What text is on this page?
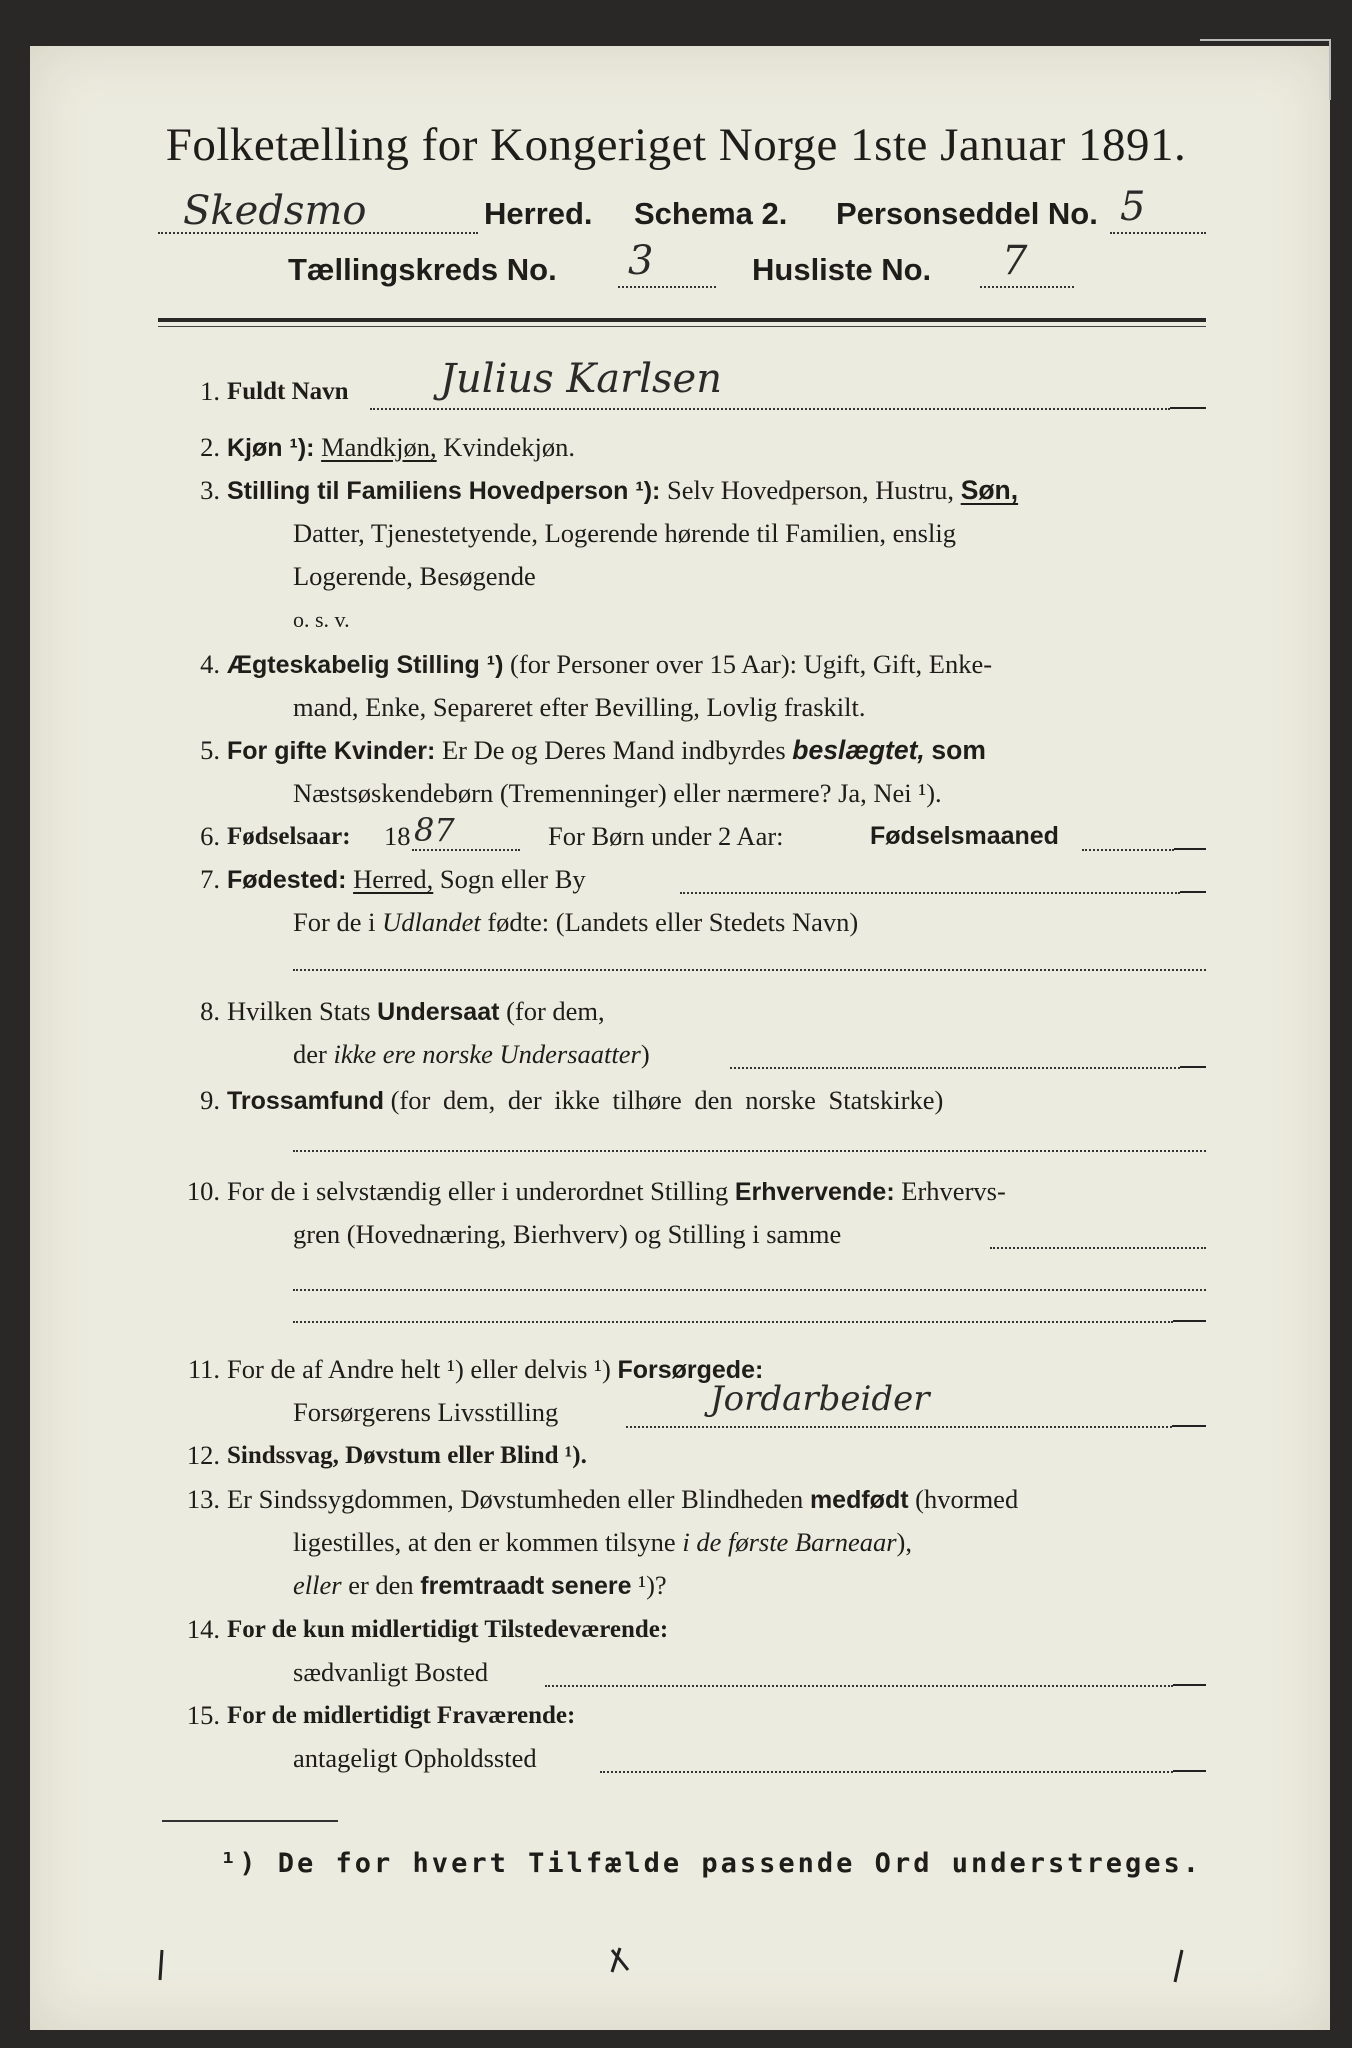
Folketælling for Kongeriget Norge 1ste Januar 1891.
Skedsmo	Herred. Schema 2. Personseddel No. 5
Tællingskreds No. 3	Husliste No. 7
1. Fuldt Navn Julius Karlsen
2. Kjøn ¹): Mandkjøn, Kvindekjøn.
3. Stilling til Familiens Hovedperson ¹): Selv Hovedperson, Hustru, Søn,
Datter, Tjenestetyende, Logerende hørende til Familien, enslig
Logerende, Besøgende
o. s. v.
4. Ægteskabelig Stilling ¹) (for Personer over 15 Aar): Ugift, Gift, Enke-
mand, Enke, Separeret efter Bevilling, Lovlig fraskilt.
5. For gifte Kvinder: Er De og Deres Mand indbyrdes beslægtet, som
Næstsøskendebørn (Tremenninger) eller nærmere? Ja, Nei ¹).
6. Fødselsaar: 18 87	For Børn under 2 Aar:	Fødselsmaaned
7. Fødested: Herred, Sogn eller By
For de i Udlandet fødte: (Landets eller Stedets Navn)
8. Hvilken Stats Undersaat (for dem,
der ikke ere norske Undersaatter)
9. Trossamfund (for dem, der ikke tilhøre den norske Statskirke)
10. For de i selvstændig eller i underordnet Stilling Erhvervende: Erhvervs-
gren (Hovednæring, Bierhverv) og Stilling i samme
11. For de af Andre helt ¹) eller delvis ¹) Forsørgede:
Forsørgerens Livsstilling	Jordarbeider
12. Sindssvag, Døvstum eller Blind ¹).
13. Er Sindssygdommen, Døvstumheden eller Blindheden medfødt (hvormed
ligestilles, at den er kommen tilsyne i de første Barneaar),
eller er den fremtraadt senere ¹)?
14. For de kun midlertidigt Tilstedeværende:
sædvanligt Bosted
15. For de midlertidigt Fraværende:
antageligt Opholdssted
¹) De for hvert Tilfælde passende Ord understreges.
